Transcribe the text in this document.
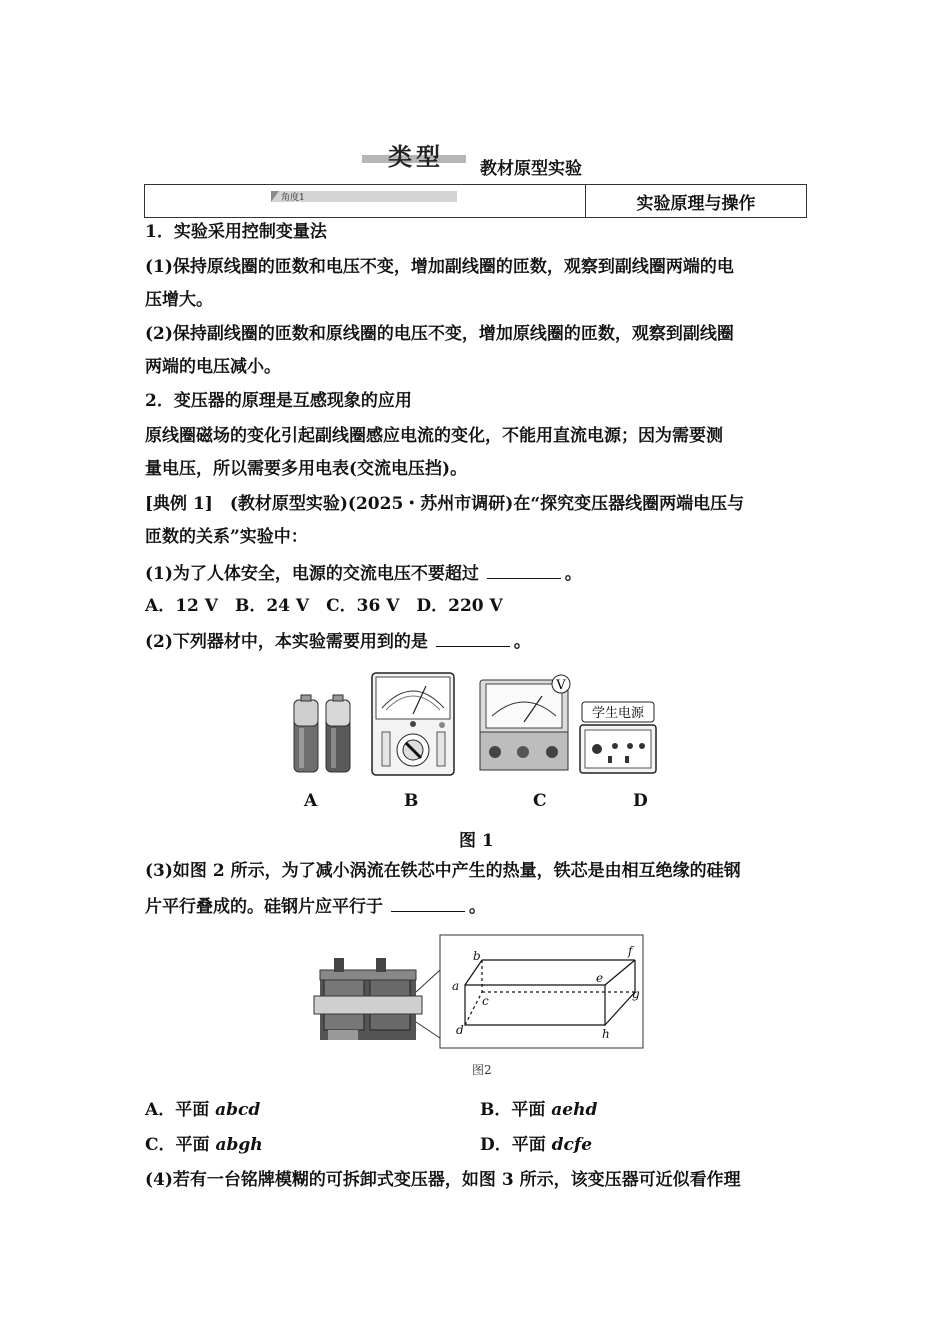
类型 教材原型实验
	实验原理与操作
角度1
1．实验采用控制变量法
(1)保持原线圈的匝数和电压不变，增加副线圈的匝数，观察到副线圈两端的电
压增大。
(2)保持副线圈的匝数和原线圈的电压不变，增加原线圈的匝数，观察到副线圈
两端的电压减小。
2．变压器的原理是互感现象的应用
原线圈磁场的变化引起副线圈感应电流的变化，不能用直流电源；因为需要测
量电压，所以需要多用电表(交流电压挡)。
[典例 1]　(教材原型实验)(2025・苏州市调研)在“探究变压器线圈两端电压与
匝数的关系”实验中：
(1)为了人体安全，电源的交流电压不要超过	。
A．12 V　B．24 V　C．36 V　D．220 V
(2)下列器材中，本实验需要用到的是	。
V
学生电源
A	B	C	D
图 1
(3)如图 2 所示，为了减小涡流在铁芯中产生的热量，铁芯是由相互绝缘的硅钢
片平行叠成的。硅钢片应平行于	。
a
b
c
d
e
f
g
h
图2
A．平面 abcd	B．平面 aehd
C．平面 abgh	D．平面 dcfe
(4)若有一台铭牌模糊的可拆卸式变压器，如图 3 所示，该变压器可近似看作理
